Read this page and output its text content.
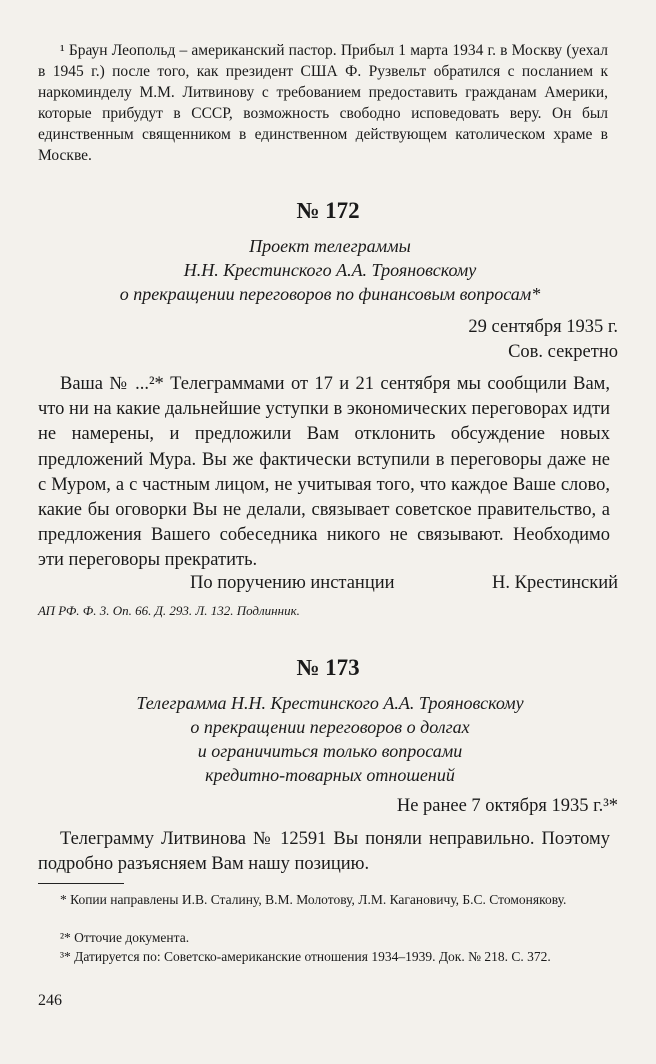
¹ Браун Леопольд – американский пастор. Прибыл 1 марта 1934 г. в Москву (уехал в 1945 г.) после того, как президент США Ф. Рузвельт обратился с посланием к наркоминделу М.М. Литвинову с требованием предоставить гражданам Америки, которые прибудут в СССР, возможность свободно исповедовать веру. Он был единственным священником в единственном действующем католическом храме в Москве.
№ 172
Проект телеграммы
Н.Н. Крестинского А.А. Трояновскому
о прекращении переговоров по финансовым вопросам*
29 сентября 1935 г.
Сов. секретно
Ваша № ...²* Телеграммами от 17 и 21 сентября мы сообщили Вам, что ни на какие дальнейшие уступки в экономических переговорах идти не намерены, и предложили Вам отклонить обсуждение новых предложений Мура. Вы же фактически вступили в переговоры даже не с Муром, а с частным лицом, не учитывая того, что каждое Ваше слово, какие бы оговорки Вы не делали, связывает советское правительство, а предложения Вашего собеседника никого не связывают. Необходимо эти переговоры прекратить.
По поручению инстанции	Н. Крестинский
АП РФ. Ф. 3. Оп. 66. Д. 293. Л. 132. Подлинник.
№ 173
Телеграмма Н.Н. Крестинского А.А. Трояновскому
о прекращении переговоров о долгах
и ограничиться только вопросами
кредитно-товарных отношений
Не ранее 7 октября 1935 г.³*
Телеграмму Литвинова № 12591 Вы поняли неправильно. Поэтому подробно разъясняем Вам нашу позицию.
* Копии направлены И.В. Сталину, В.М. Молотову, Л.М. Кагановичу, Б.С. Стомонякову.
²* Отточие документа.
³* Датируется по: Советско-американские отношения 1934–1939. Док. № 218. С. 372.
246
